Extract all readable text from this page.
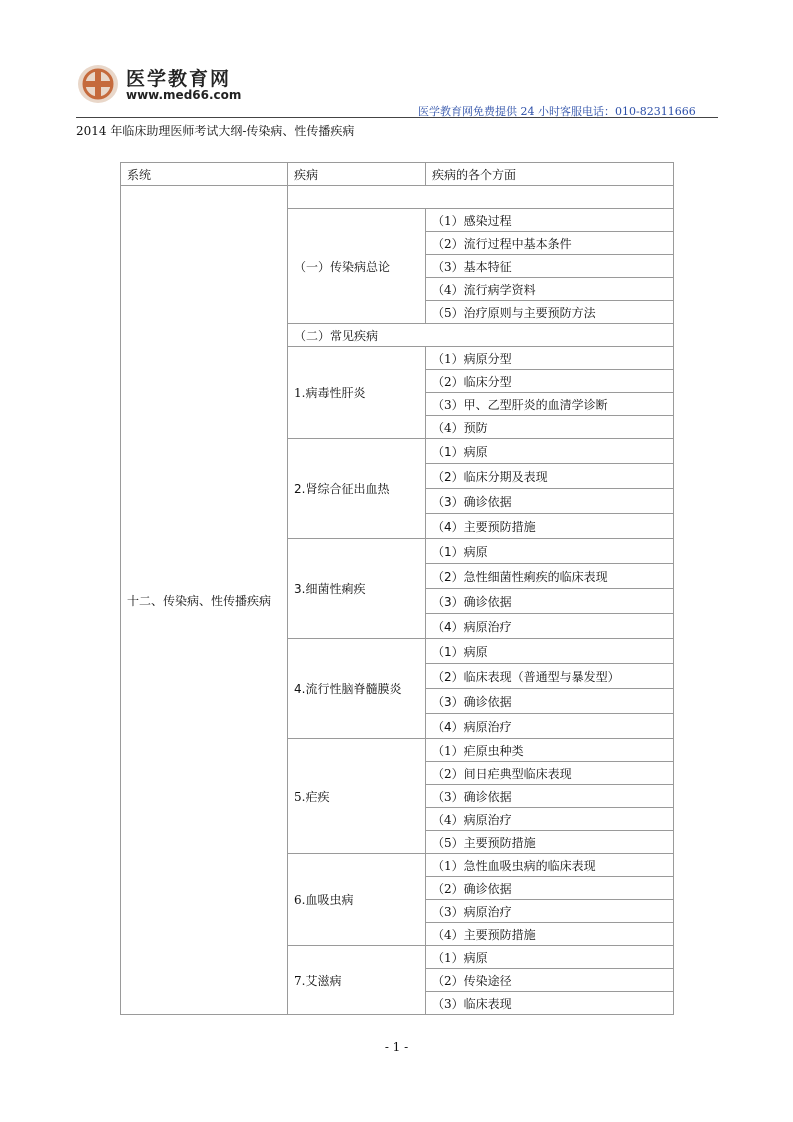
医学教育网
www.med66.com
医学教育网免费提供 24 小时客服电话：010-82311666
2014 年临床助理医师考试大纲-传染病、性传播疾病
系统	疾病	疾病的各个方面
十二、传染病、性传播疾病		
	（一）传染病总论	（1）感染过程
		（2）流行过程中基本条件
		（3）基本特征
		（4）流行病学资料
		（5）治疗原则与主要预防方法
	（二）常见疾病	
	1.病毒性肝炎	（1）病原分型
		（2）临床分型
		（3）甲、乙型肝炎的血清学诊断
		（4）预防
	2.肾综合征出血热	（1）病原
		（2）临床分期及表现
		（3）确诊依据
		（4）主要预防措施
	3.细菌性痢疾	（1）病原
		（2）急性细菌性痢疾的临床表现
		（3）确诊依据
		（4）病原治疗
	4.流行性脑脊髓膜炎	（1）病原
		（2）临床表现（普通型与暴发型）
		（3）确诊依据
		（4）病原治疗
	5.疟疾	（1）疟原虫种类
		（2）间日疟典型临床表现
		（3）确诊依据
		（4）病原治疗
		（5）主要预防措施
	6.血吸虫病	（1）急性血吸虫病的临床表现
		（2）确诊依据
		（3）病原治疗
		（4）主要预防措施
	7.艾滋病	（1）病原
		（2）传染途径
		（3）临床表现
- 1 -
